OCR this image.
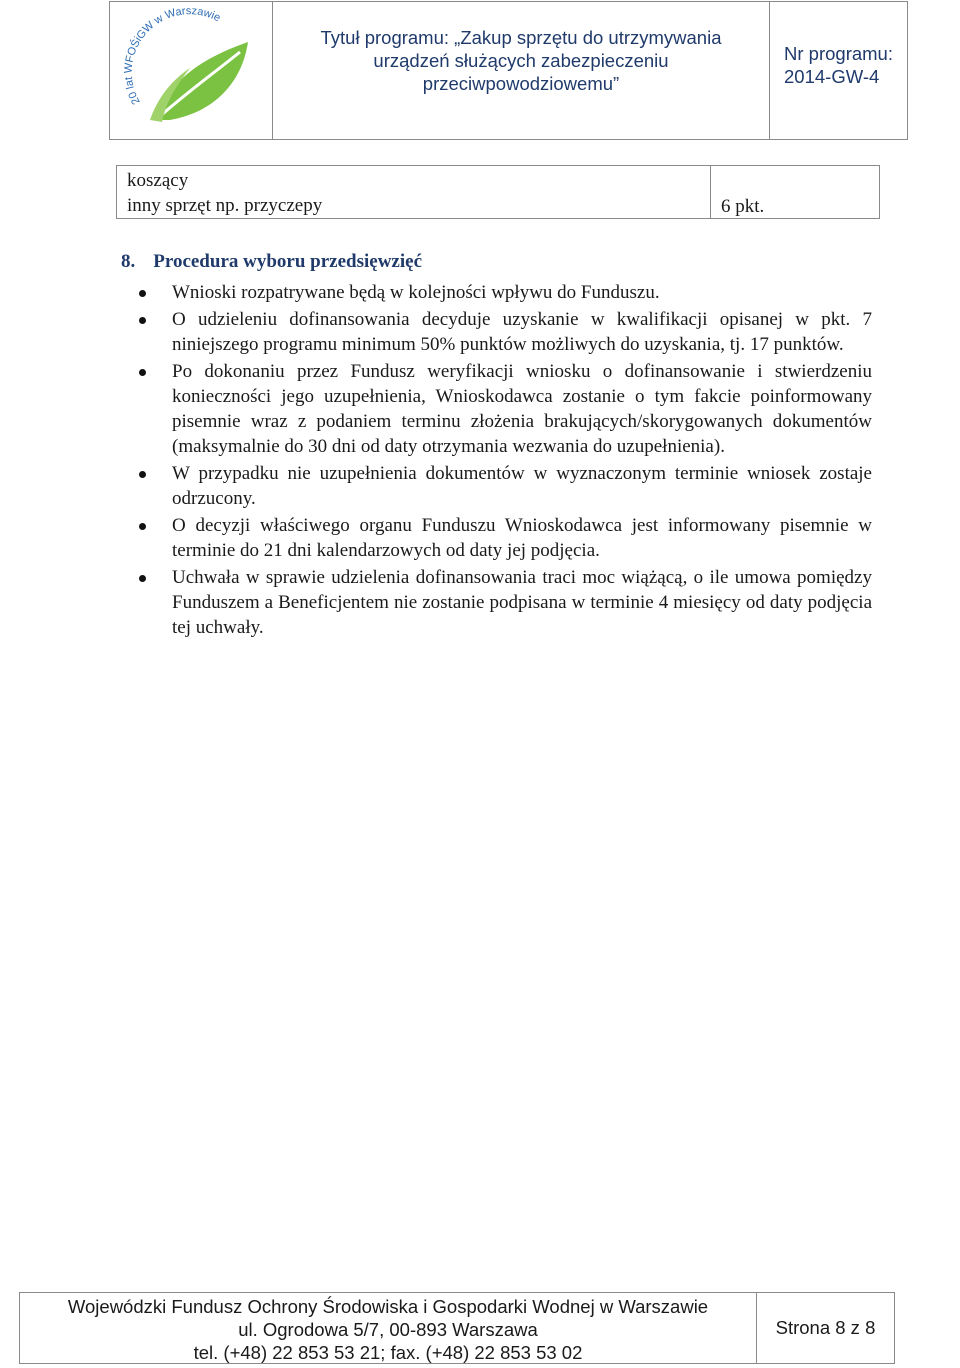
20 lat WFOŚiGW w Warszawie
Tytuł programu: „Zakup sprzętu do utrzymywania
urządzeń służących zabezpieczeniu
przeciwpowodziowemu”
Nr programu:
2014-GW-4
koszący
inny sprzęt np. przyczepy	6 pkt.
8. Procedura wyboru przedsięwzięć
Wnioski rozpatrywane będą w kolejności wpływu do Funduszu.
O udzieleniu dofinansowania decyduje uzyskanie w kwalifikacji opisanej w pkt. 7 niniejszego programu minimum 50% punktów możliwych do uzyskania, tj. 17 punktów.
Po dokonaniu przez Fundusz weryfikacji wniosku o dofinansowanie i stwierdzeniu konieczności jego uzupełnienia, Wnioskodawca zostanie o tym fakcie poinformowany pisemnie wraz z podaniem terminu złożenia brakujących/skorygowanych dokumentów (maksymalnie do 30 dni od daty otrzymania wezwania do uzupełnienia).
W przypadku nie uzupełnienia dokumentów w wyznaczonym terminie wniosek zostaje odrzucony.
O decyzji właściwego organu Funduszu Wnioskodawca jest informowany pisemnie w terminie do 21 dni kalendarzowych od daty jej podjęcia.
Uchwała w sprawie udzielenia dofinansowania traci moc wiążącą, o ile umowa pomiędzy Funduszem a Beneficjentem nie zostanie podpisana w terminie 4 miesięcy od daty podjęcia tej uchwały.
Wojewódzki Fundusz Ochrony Środowiska i Gospodarki Wodnej w Warszawie
ul. Ogrodowa 5/7, 00-893 Warszawa
tel. (+48) 22 853 53 21; fax. (+48) 22 853 53 02
Strona 8 z 8
